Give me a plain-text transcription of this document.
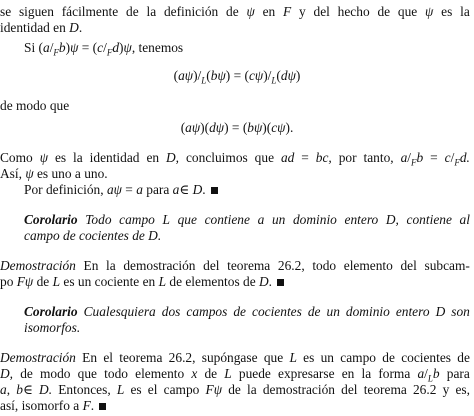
se siguen fácilmente de la definición de ψ en F y del hecho de que ψ es la
identidad en D.
Si $(a/_Fb)\psi = (c/_Fd)\psi$, tenemos
$(a\psi)/_L(b\psi) = (c\psi)/_L(d\psi)$
de modo que
(aψ)(dψ) = (bψ)(cψ).
Como ψ es la identidad en D, concluimos que ad = bc, por tanto, $a/_Fb = c/_Fd$.
Así, ψ es uno a uno.
Por definición, aψ = a para a∈ D.
Corolario Todo campo L que contiene a un dominio entero D, contiene al
campo de cocientes de D.
Demostración En la demostración del teorema 26.2, todo elemento del subcam-
po Fψ de L es un cociente en L de elementos de D.
Corolario Cualesquiera dos campos de cocientes de un dominio entero D son
isomorfos.
Demostración En el teorema 26.2, supóngase que L es un campo de cocientes de
D, de modo que todo elemento x de L puede expresarse en la forma $a/_Lb$ para
a, b∈ D. Entonces, L es el campo Fψ de la demostración del teorema 26.2 y es,
así, isomorfo a F.
